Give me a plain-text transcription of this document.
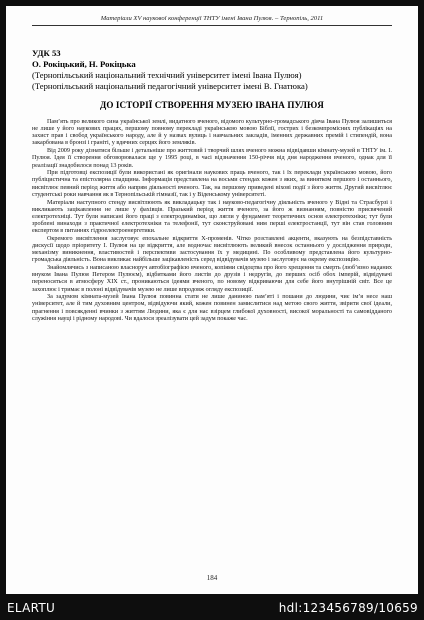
Матеріали XV наукової конференції ТНТУ імені Івана Пулюя. – Тернопіль, 2011
УДК 53
О. Рокіцький, Н. Рокіцька
(Тернопільський національний технічний університет імені Івана Пулюя)
(Тернопільський національний педагогічний університет імені В. Гнатюка)
ДО ІСТОРІЇ СТВОРЕННЯ МУЗЕЮ ІВАНА ПУЛЮЯ

Пам’ять про великого сина української землі, видатного вченого, відомого культурно-громадського діяча Івана Пулюя залишиться не лише у його наукових працях, першому повному перекладі українською мовою Біблії, гострих і безкомпромісних публікаціях на захист прав і свобод українського народу, але й у назвах вулиць і навчальних закладів, іменних державних премій і стипендій, вона закарбована в бронзі і граніті, у вдячних серцях його земляків.

Від 2009 року дізнатися більше і детальніше про життєвий і творчий шлях вченого можна відвідавши кімнату-музей в ТНТУ ім. І. Пулюя. Ідея її створення обговорювалася ще у 1995 році, в часі відзначення 150-річчя від дня народження вченого, однак для її реалізації знадобилося понад 13 років.

При підготовці експозиції були використані як оригінали наукових праць вченого, так і їх переклади українською мовою, його публіцистична та епістолярна спадщина. Інформація представлена на восьми стендах кожен з яких, за винятком першого і останнього, висвітлює певний період життя або напрям діяльності вченого. Так, на першому приведені віхові події з його життя. Другий висвітлює студентські роки навчання як в Тернопільській гімназії, так і у Віденському університеті.

Матеріали наступного стенду висвітлюють як викладацьку так і науково-педагогічну діяльність вченого у Відні та Страсбурзі і викликають зацікавлення не лише у фахівців. Празький період життя вченого, за його ж визнанням, повністю присвячений електротехніці. Тут були написані його праці з електродинаміки, що лягли у фундамент теоретичних основ електротехніки; тут були зроблені винаходи з практичної електротехніки та телефонії, тут сконструйовані ним перші електростанції, тут він став головним експертом в питаннях гідроелектроенергетики.

Окремого висвітлення заслуговує епохальне відкриття Х-променів. Чітко розставлені акценти, вказують на безпідставність дискусії щодо пріоритету І. Пулюя на це відкриття, але водночас висвітлюють великий внесок останнього у дослідження природи, механізму виникнення, властивостей і перспективи застосування їх у медицині. По особливому представлена його культурно-громадська діяльність. Вона викликає найбільше зацікавленість серед відвідувачів музею і заслуговує на окрему експозицію.

Знайомлячись з написаною власноруч автобіографією вченого, копіями свідоцтва про його хрещення та смерть (люб’язно наданих внуком Івана Пулюя Петером Пулюєм), відбитками його листів до друзів і недругів, до перших осіб обох імперій, відвідувачі переносяться в атмосферу ХІХ ст., проникаються ідеями вченого, по новому відкриваючи для себе його внутрішній світ. Все це захоплює і тримає в полоні відвідувачів музею не лише впродовж огляду експозиції.

За задумом кімната-музей Івана Пулюя повинна стати не лише даниною пам’яті і пошани до людини, чиє ім’я несе наш університет, але й тим духовним центром, відвідуючи який, кожен повинен замислитися над метою свого життя, звірити свої ідеали, прагнення і повсякденні вчинки з життям Людини, яка є для нас взірцем глибокої духовності, високої моральності та самовідданого служіння науці і рідному народові. Чи вдалося зреалізувати цей задум покаже час.

184
ELARTU	hdl:123456789/10659
